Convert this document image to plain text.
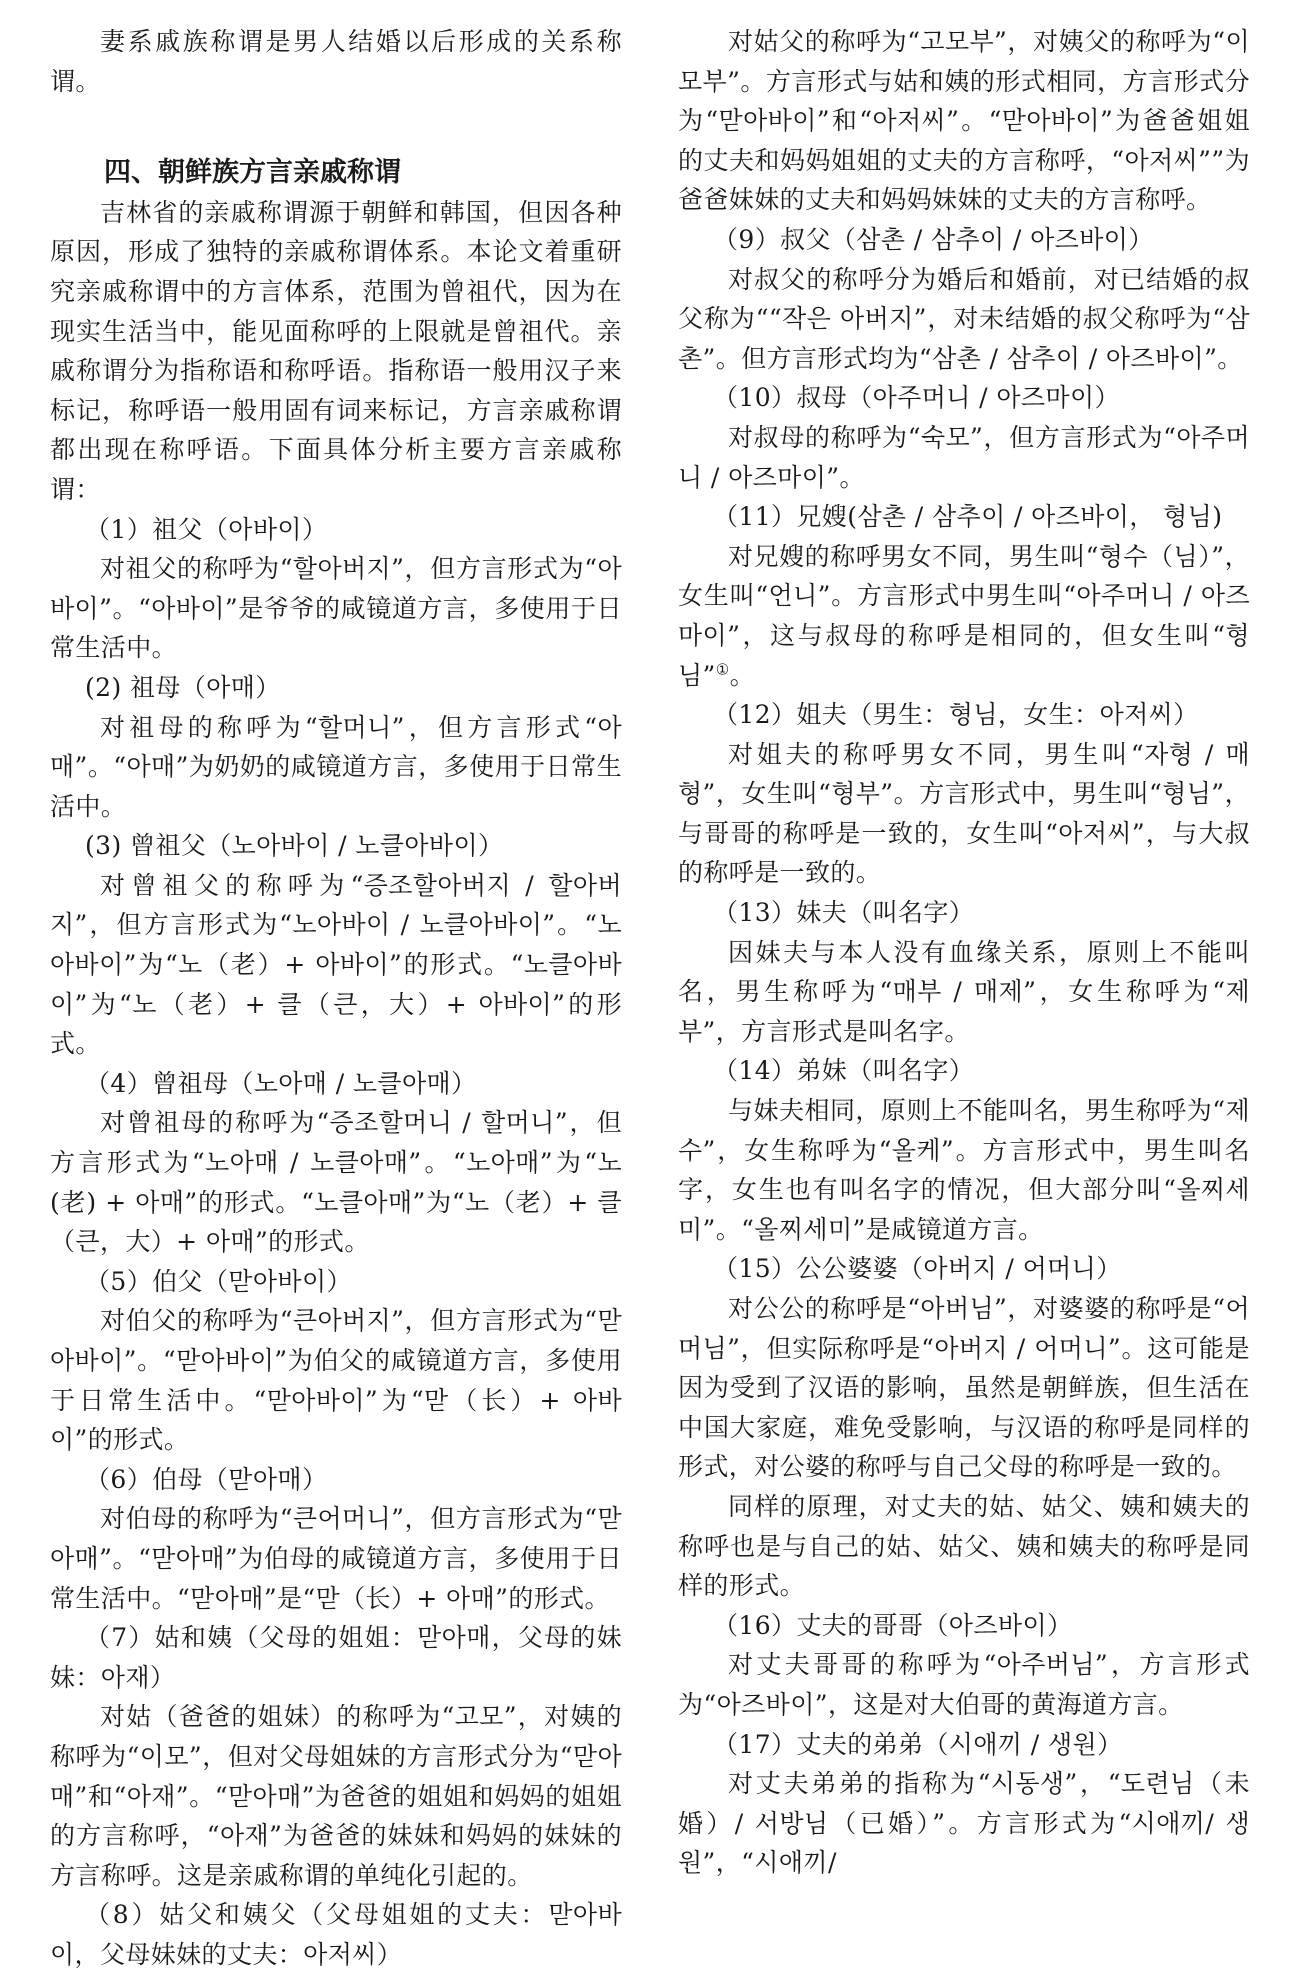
妻系戚族称谓是男人结婚以后形成的关系称谓。

四、朝鲜族方言亲戚称谓

吉林省的亲戚称谓源于朝鲜和韩国，但因各种原因，形成了独特的亲戚称谓体系。本论文着重研究亲戚称谓中的方言体系，范围为曾祖代，因为在现实生活当中，能见面称呼的上限就是曾祖代。亲戚称谓分为指称语和称呼语。指称语一般用汉子来标记，称呼语一般用固有词来标记，方言亲戚称谓都出现在称呼语。下面具体分析主要方言亲戚称谓：

（1）祖父（아바이）

对祖父的称呼为“할아버지”，但方言形式为“아바이”。“아바이”是爷爷的咸镜道方言，多使用于日常生活中。

(2) 祖母（아매）

对祖母的称呼为“할머니”，但方言形式“아매”。“아매”为奶奶的咸镜道方言，多使用于日常生活中。

(3) 曾祖父（노아바이 / 노클아바이）

对曾祖父的称呼为“증조할아버지 / 할아버지”，但方言形式为“노아바이 / 노클아바이”。“노아바이”为“노（老）+ 아바이”的形式。“노클아바이”为“노（老）+ 클（큰，大）+ 아바이”的形式。

（4）曾祖母（노아매 / 노클아매）

对曾祖母的称呼为“증조할머니 / 할머니”，但方言形式为“노아매 / 노클아매”。“노아매”为“노(老) + 아매”的形式。“노클아매”为“노（老）+ 클（큰，大）+ 아매”的形式。

（5）伯父（맏아바이）

对伯父的称呼为“큰아버지”，但方言形式为“맏아바이”。“맏아바이”为伯父的咸镜道方言，多使用于日常生活中。“맏아바이”为“맏（长）+ 아바이”的形式。

（6）伯母（맏아매）

对伯母的称呼为“큰어머니”，但方言形式为“맏아매”。“맏아매”为伯母的咸镜道方言，多使用于日常生活中。“맏아매”是“맏（长）+ 아매”的形式。

（7）姑和姨（父母的姐姐：맏아매，父母的妹妹：아재）

对姑（爸爸的姐妹）的称呼为“고모”，对姨的称呼为“이모”，但对父母姐妹的方言形式分为“맏아매”和“아재”。“맏아매”为爸爸的姐姐和妈妈的姐姐的方言称呼，“아재”为爸爸的妹妹和妈妈的妹妹的方言称呼。这是亲戚称谓的单纯化引起的。

（8）姑父和姨父（父母姐姐的丈夫：맏아바이，父母妹妹的丈夫：아저씨）

对姑父的称呼为“고모부”，对姨父的称呼为“이모부”。方言形式与姑和姨的形式相同，方言形式分为“맏아바이”和“아저씨”。“맏아바이”为爸爸姐姐的丈夫和妈妈姐姐的丈夫的方言称呼，“아저씨””为爸爸妹妹的丈夫和妈妈妹妹的丈夫的方言称呼。

（9）叔父（삼촌 / 삼추이 / 아즈바이）

对叔父的称呼分为婚后和婚前，对已结婚的叔父称为““작은 아버지”，对未结婚的叔父称呼为“삼촌”。但方言形式均为“삼촌 / 삼추이 / 아즈바이”。

（10）叔母（아주머니 / 아즈마이）

对叔母的称呼为“숙모”，但方言形式为“아주머니 / 아즈마이”。

（11）兄嫂(삼촌 / 삼추이 / 아즈바이， 형님)

对兄嫂的称呼男女不同，男生叫“형수（님）”，女生叫“언니”。方言形式中男生叫“아주머니 / 아즈마이”，这与叔母的称呼是相同的，但女生叫“형님”①。

（12）姐夫（男生：형님，女生：아저씨）

对姐夫的称呼男女不同，男生叫“자형 / 매형”，女生叫“형부”。方言形式中，男生叫“형님”，与哥哥的称呼是一致的，女生叫“아저씨”，与大叔的称呼是一致的。

（13）妹夫（叫名字）

因妹夫与本人没有血缘关系，原则上不能叫名，男生称呼为“매부 / 매제”，女生称呼为“제부”，方言形式是叫名字。

（14）弟妹（叫名字）

与妹夫相同，原则上不能叫名，男生称呼为“제수”，女生称呼为“올케”。方言形式中，男生叫名字，女生也有叫名字的情况，但大部分叫“올찌세미”。“올찌세미”是咸镜道方言。

（15）公公婆婆（아버지 / 어머니）

对公公的称呼是“아버님”，对婆婆的称呼是“어머님”，但实际称呼是“아버지 / 어머니”。这可能是因为受到了汉语的影响，虽然是朝鲜族，但生活在中国大家庭，难免受影响，与汉语的称呼是同样的形式，对公婆的称呼与自己父母的称呼是一致的。

同样的原理，对丈夫的姑、姑父、姨和姨夫的称呼也是与自己的姑、姑父、姨和姨夫的称呼是同样的形式。

（16）丈夫的哥哥（아즈바이）

对丈夫哥哥的称呼为“아주버님”，方言形式为“아즈바이”，这是对大伯哥的黄海道方言。

（17）丈夫的弟弟（시애끼 / 생원）

对丈夫弟弟的指称为“시동생”，“도련님（未婚）/ 서방님（已婚）”。方言形式为“시애끼/ 생원”，“시애끼/
